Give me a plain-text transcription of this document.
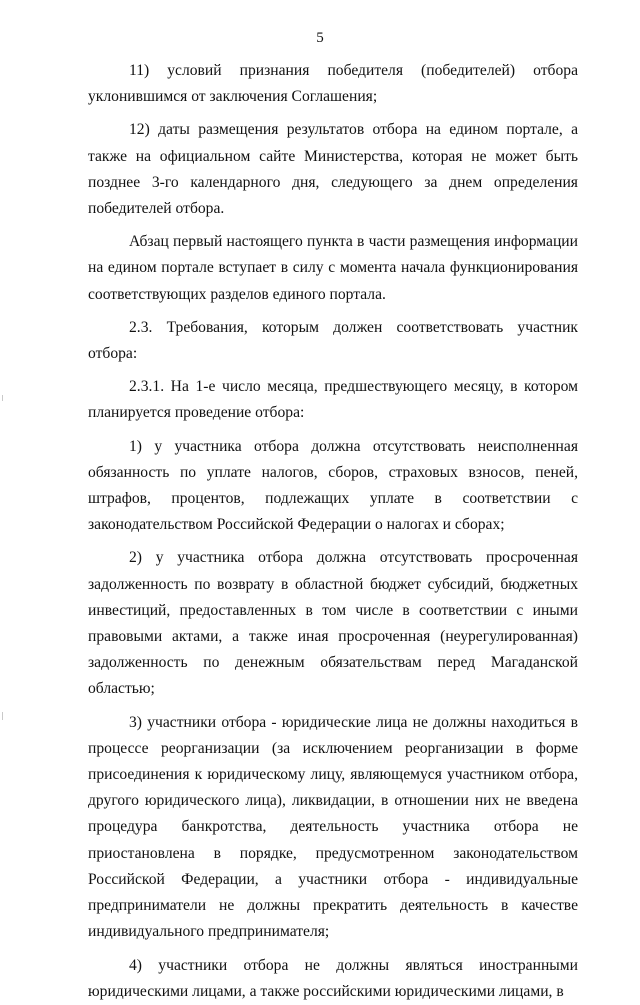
5

11) условий признания победителя (победителей) отбора уклонившимся от заключения Соглашения;

12) даты размещения результатов отбора на едином портале, а также на официальном сайте Министерства, которая не может быть позднее 3-го календарного дня, следующего за днем определения победителей отбора.

Абзац первый настоящего пункта в части размещения информации на едином портале вступает в силу с момента начала функционирования соответствующих разделов единого портала.

2.3. Требования, которым должен соответствовать участник отбора:

2.3.1. На 1-е число месяца, предшествующего месяцу, в котором планируется проведение отбора:

1) у участника отбора должна отсутствовать неисполненная обязанность по уплате налогов, сборов, страховых взносов, пеней, штрафов, процентов, подлежащих уплате в соответствии с законодательством Российской Федерации о налогах и сборах;

2) у участника отбора должна отсутствовать просроченная задолженность по возврату в областной бюджет субсидий, бюджетных инвестиций, предоставленных в том числе в соответствии с иными правовыми актами, а также иная просроченная (неурегулированная) задолженность по денежным обязательствам перед Магаданской областью;

3) участники отбора - юридические лица не должны находиться в процессе реорганизации (за исключением реорганизации в форме присоединения к юридическому лицу, являющемуся участником отбора, другого юридического лица), ликвидации, в отношении них не введена процедура банкротства, деятельность участника отбора не приостановлена в порядке, предусмотренном законодательством Российской Федерации, а участники отбора - индивидуальные предприниматели не должны прекратить деятельность в качестве индивидуального предпринимателя;

4) участники отбора не должны являться иностранными юридическими лицами, а также российскими юридическими лицами, в
